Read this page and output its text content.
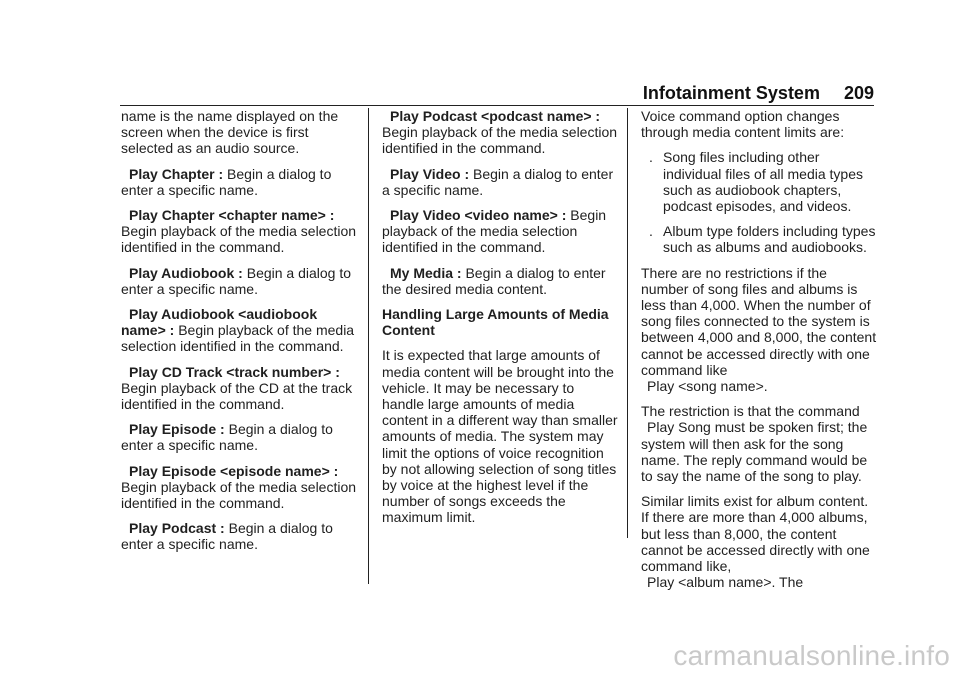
Infotainment System 209

name is the name displayed on the screen when the device is first selected as an audio source.

Play Chapter : Begin a dialog to enter a specific name.

Play Chapter <chapter name> : Begin playback of the media selection identified in the command.

Play Audiobook : Begin a dialog to enter a specific name.

Play Audiobook <audiobook name> : Begin playback of the media selection identified in the command.

Play CD Track <track number> : Begin playback of the CD at the track identified in the command.

Play Episode : Begin a dialog to enter a specific name.

Play Episode <episode name> : Begin playback of the media selection identified in the command.

Play Podcast : Begin a dialog to enter a specific name.

Play Podcast <podcast name> : Begin playback of the media selection identified in the command.

Play Video : Begin a dialog to enter a specific name.

Play Video <video name> : Begin playback of the media selection identified in the command.

My Media : Begin a dialog to enter the desired media content.

Handling Large Amounts of Media Content

It is expected that large amounts of media content will be brought into the vehicle. It may be necessary to handle large amounts of media content in a different way than smaller amounts of media. The system may limit the options of voice recognition by not allowing selection of song titles by voice at the highest level if the number of songs exceeds the maximum limit.

Voice command option changes through media content limits are:

. Song files including other individual files of all media types such as audiobook chapters, podcast episodes, and videos.
. Album type folders including types such as albums and audiobooks.

There are no restrictions if the number of song files and albums is less than 4,000. When the number of song files connected to the system is between 4,000 and 8,000, the content cannot be accessed directly with one command like
Play <song name>.

The restriction is that the command
Play Song must be spoken first; the system will then ask for the song name. The reply command would be to say the name of the song to play.

Similar limits exist for album content. If there are more than 4,000 albums, but less than 8,000, the content cannot be accessed directly with one command like,
Play <album name>. The

carmanualsonline.info
